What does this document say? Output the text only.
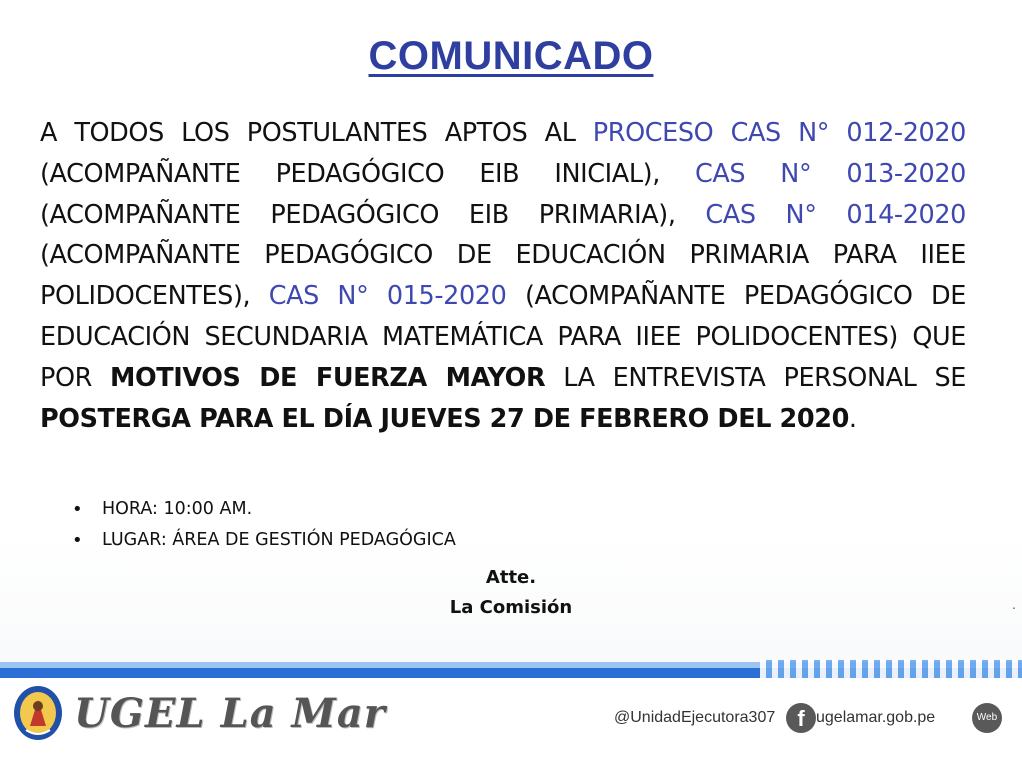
COMUNICADO
A TODOS LOS POSTULANTES APTOS AL PROCESO CAS N° 012-2020 (ACOMPAÑANTE PEDAGÓGICO EIB INICIAL), CAS N° 013-2020 (ACOMPAÑANTE PEDAGÓGICO EIB PRIMARIA), CAS N° 014-2020 (ACOMPAÑANTE PEDAGÓGICO DE EDUCACIÓN PRIMARIA PARA IIEE POLIDOCENTES), CAS N° 015-2020 (ACOMPAÑANTE PEDAGÓGICO DE EDUCACIÓN SECUNDARIA MATEMÁTICA PARA IIEE POLIDOCENTES) QUE POR MOTIVOS DE FUERZA MAYOR LA ENTREVISTA PERSONAL SE POSTERGA PARA EL DÍA JUEVES 27 DE FEBRERO DEL 2020.
• HORA: 10:00 AM.
• LUGAR: ÁREA DE GESTIÓN PEDAGÓGICA
Atte.
La Comisión	.
UGEL La Mar	@UnidadEjecutora307	f ugelamar.gob.pe	Web
